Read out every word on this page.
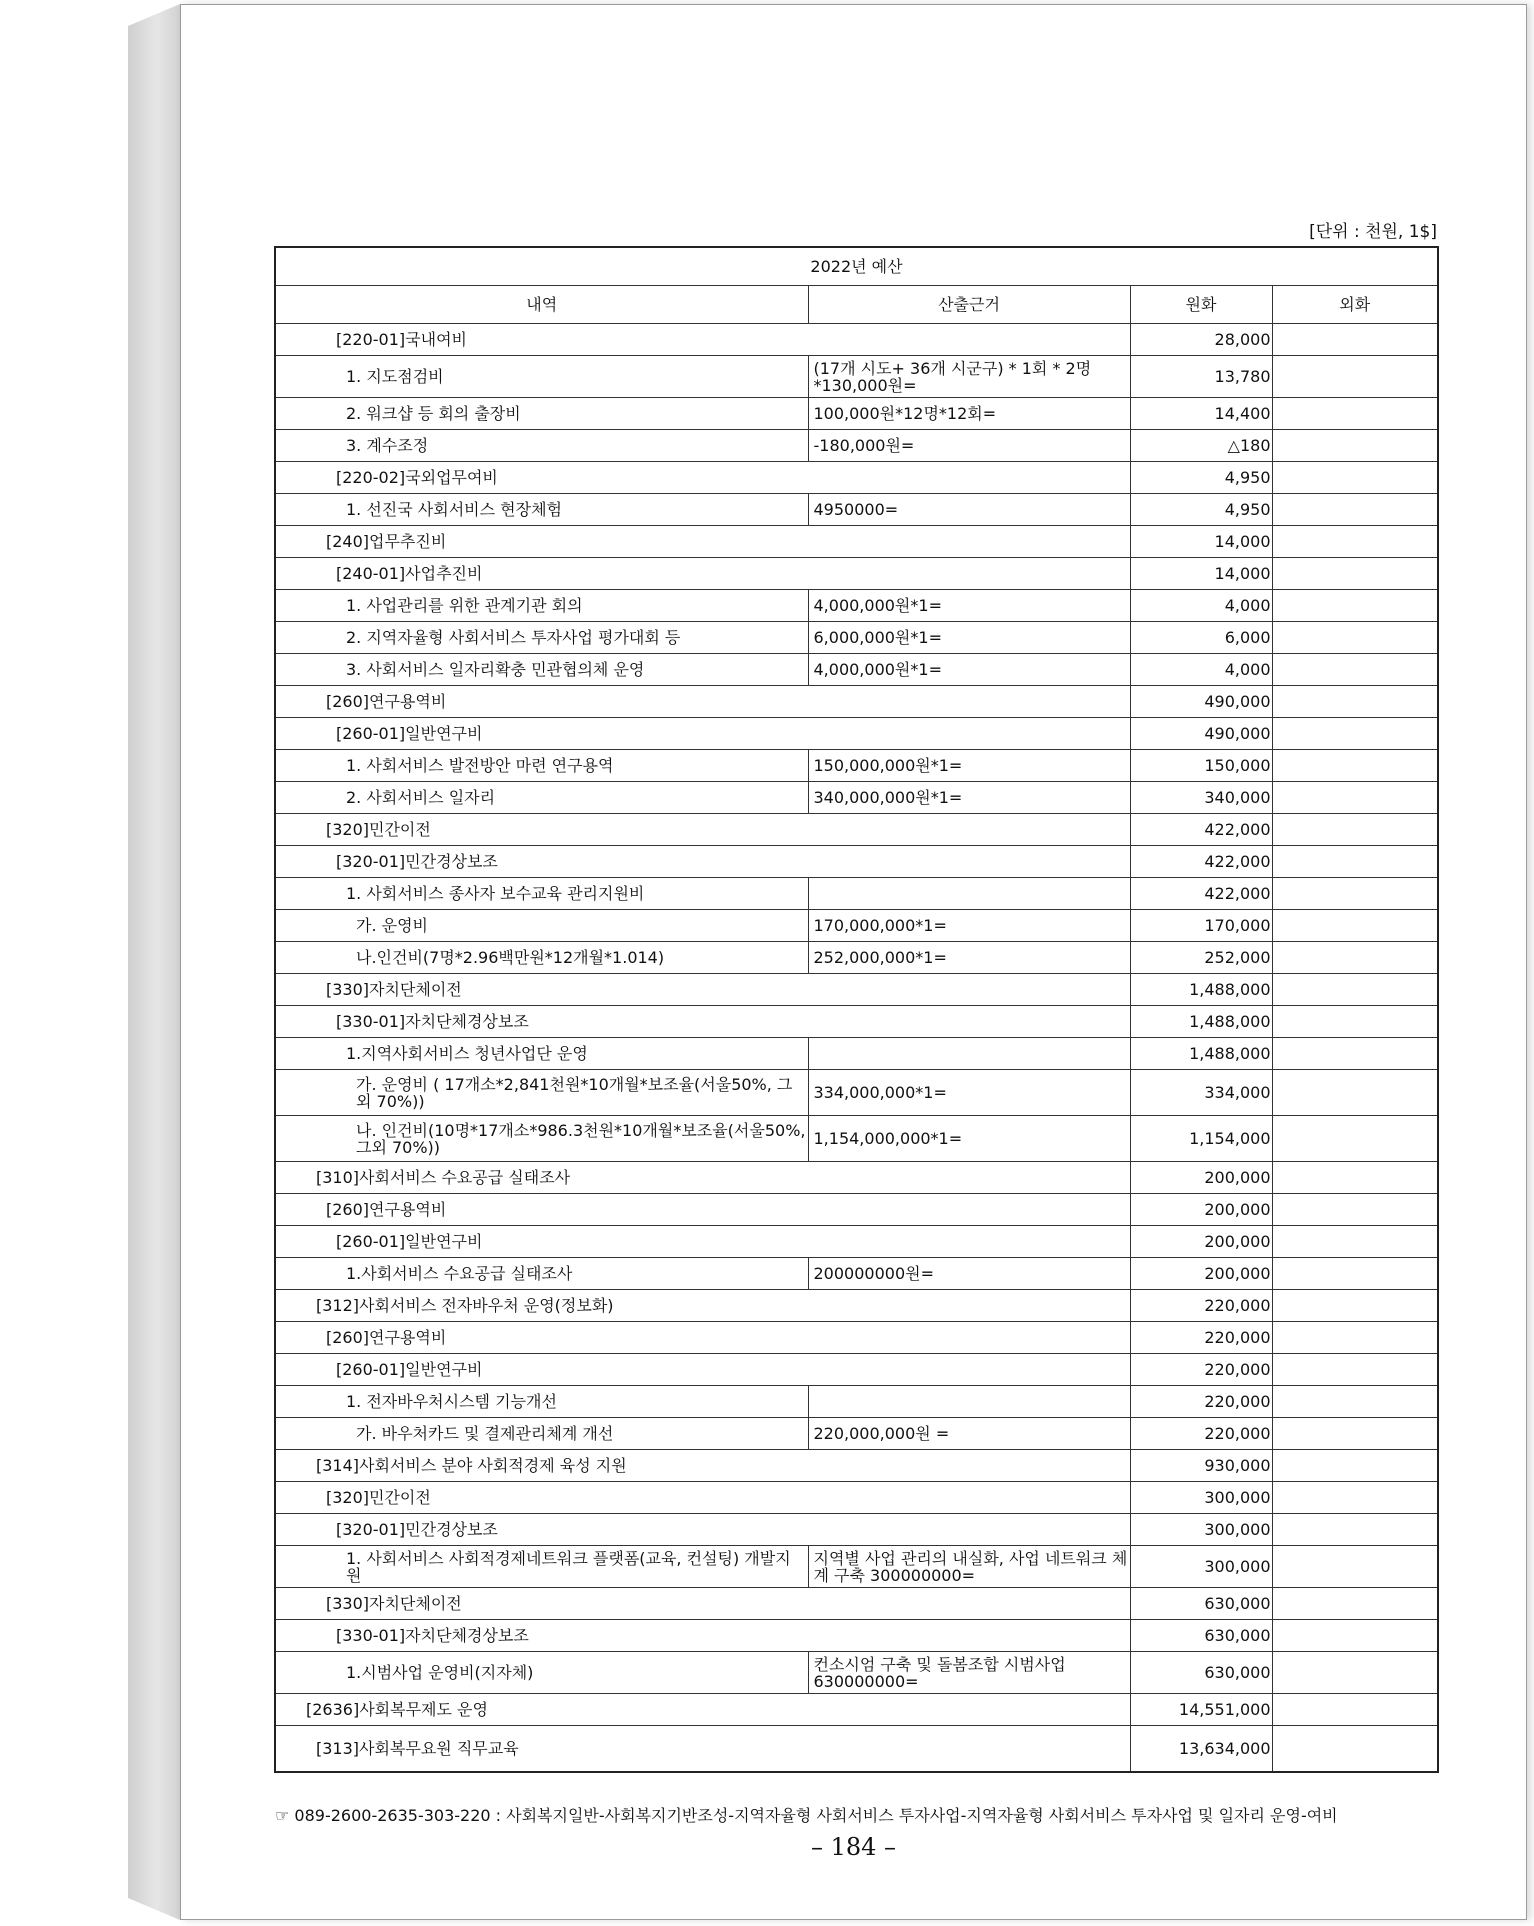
[단위 : 천원, 1$]
2022년 예산			
내역	산출근거	원화	외화
[220-01]국내여비		28,000	
1. 지도점검비	(17개 시도+ 36개 시군구) * 1회 * 2명*130,000원=	13,780	
2. 워크샵 등 회의 출장비	100,000원*12명*12회=	14,400	
3. 계수조정	-180,000원=	△180	
[220-02]국외업무여비		4,950	
1. 선진국 사회서비스 현장체험	4950000=	4,950	
[240]업무추진비		14,000	
[240-01]사업추진비		14,000	
1. 사업관리를 위한 관계기관 회의	4,000,000원*1=	4,000	
2. 지역자율형 사회서비스 투자사업 평가대회 등	6,000,000원*1=	6,000	
3. 사회서비스 일자리확충 민관협의체 운영	4,000,000원*1=	4,000	
[260]연구용역비		490,000	
[260-01]일반연구비		490,000	
1. 사회서비스 발전방안 마련 연구용역	150,000,000원*1=	150,000	
2. 사회서비스 일자리	340,000,000원*1=	340,000	
[320]민간이전		422,000	
[320-01]민간경상보조		422,000	
1. 사회서비스 종사자 보수교육 관리지원비		422,000	
가. 운영비	170,000,000*1=	170,000	
나.인건비(7명*2.96백만원*12개월*1.014)	252,000,000*1=	252,000	
[330]자치단체이전		1,488,000	
[330-01]자치단체경상보조		1,488,000	
1.지역사회서비스 청년사업단 운영		1,488,000	
가. 운영비 ( 17개소*2,841천원*10개월*보조율(서울50%, 그외 70%))	334,000,000*1=	334,000	
나. 인건비(10명*17개소*986.3천원*10개월*보조율(서울50%, 그외 70%))	1,154,000,000*1=	1,154,000	
[310]사회서비스 수요공급 실태조사		200,000	
[260]연구용역비		200,000	
[260-01]일반연구비		200,000	
1.사회서비스 수요공급 실태조사	200000000원=	200,000	
[312]사회서비스 전자바우처 운영(정보화)		220,000	
[260]연구용역비		220,000	
[260-01]일반연구비		220,000	
1. 전자바우처시스템 기능개선		220,000	
가. 바우처카드 및 결제관리체계 개선	220,000,000원 =	220,000	
[314]사회서비스 분야 사회적경제 육성 지원		930,000	
[320]민간이전		300,000	
[320-01]민간경상보조		300,000	
1. 사회서비스 사회적경제네트워크 플랫폼(교육, 컨설팅) 개발지원	지역별 사업 관리의 내실화, 사업 네트워크 체계 구축 300000000=	300,000	
[330]자치단체이전		630,000	
[330-01]자치단체경상보조		630,000	
1.시범사업 운영비(지자체)	컨소시엄 구축 및 돌봄조합 시범사업 630000000=	630,000	
[2636]사회복무제도 운영		14,551,000	
[313]사회복무요원 직무교육		13,634,000	
☞ 089-2600-2635-303-220 : 사회복지일반-사회복지기반조성-지역자율형 사회서비스 투자사업-지역자율형 사회서비스 투자사업 및 일자리 운영-여비
– 184 –
